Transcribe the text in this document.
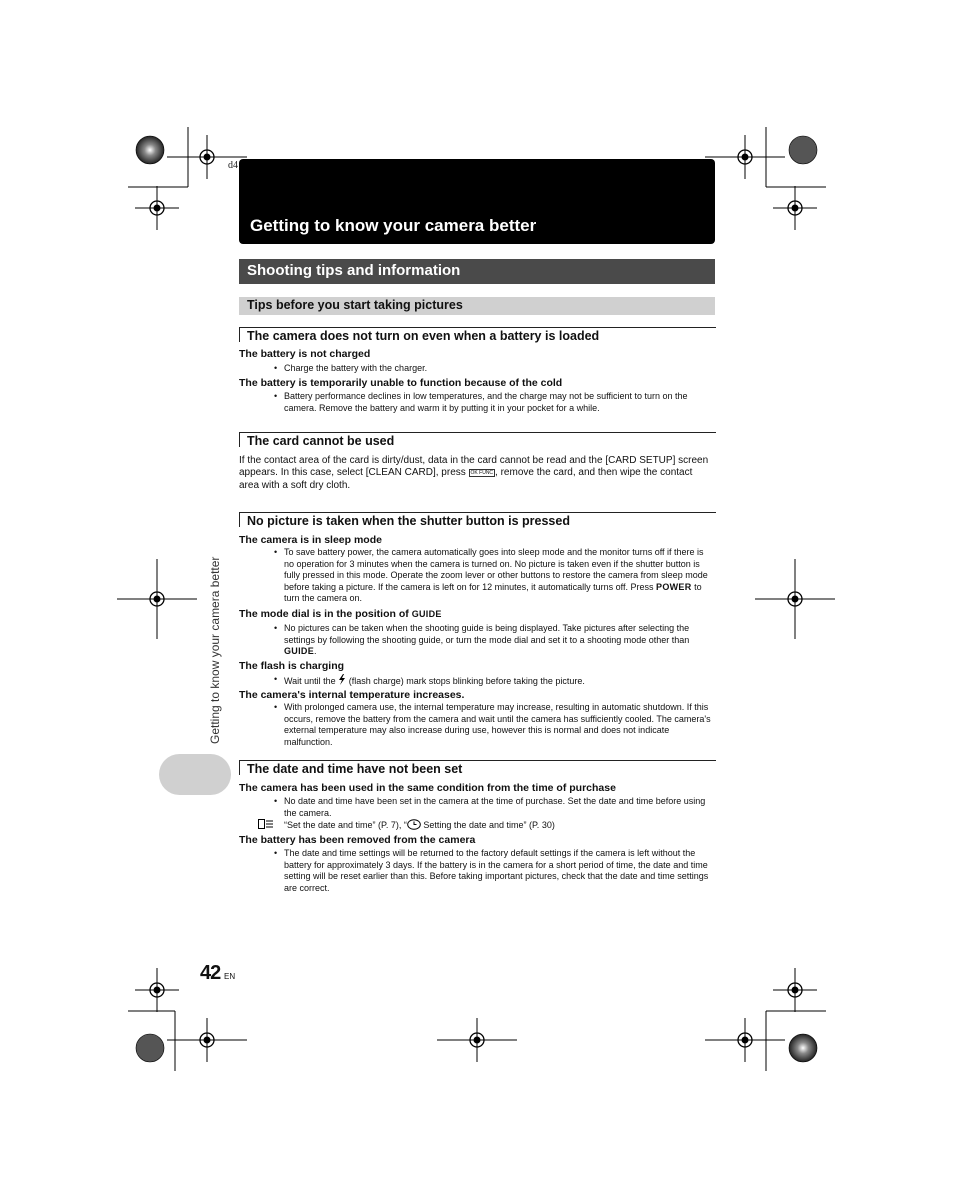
d4
Getting to know your camera better
Shooting tips and information
Tips before you start taking pictures
The camera does not turn on even when a battery is loaded
The battery is not charged
• Charge the battery with the charger.
The battery is temporarily unable to function because of the cold
• Battery performance declines in low temperatures, and the charge may not be sufficient to turn on the camera. Remove the battery and warm it by putting it in your pocket for a while.
The card cannot be used
If the contact area of the card is dirty/dust, data in the card cannot be read and the [CARD SETUP] screen appears. In this case, select [CLEAN CARD], press OK FUNC , remove the card, and then wipe the contact area with a soft dry cloth.
No picture is taken when the shutter button is pressed
The camera is in sleep mode
• To save battery power, the camera automatically goes into sleep mode and the monitor turns off if there is no operation for 3 minutes when the camera is turned on. No picture is taken even if the shutter button is fully pressed in this mode. Operate the zoom lever or other buttons to restore the camera from sleep mode before taking a picture. If the camera is left on for 12 minutes, it automatically turns off. Press POWER to turn the camera on.
The mode dial is in the position of GUIDE
• No pictures can be taken when the shooting guide is being displayed. Take pictures after selecting the settings by following the shooting guide, or turn the mode dial and set it to a shooting mode other than GUIDE.
The flash is charging
• Wait until the (flash charge) mark stops blinking before taking the picture.
The camera's internal temperature increases.
• With prolonged camera use, the internal temperature may increase, resulting in automatic shutdown. If this occurs, remove the battery from the camera and wait until the camera has sufficiently cooled. The camera's external temperature may also increase during use, however this is normal and does not indicate malfunction.
The date and time have not been set
The camera has been used in the same condition from the time of purchase
• No date and time have been set in the camera at the time of purchase. Set the date and time before using the camera.
“Set the date and time” (P. 7), “ Setting the date and time” (P. 30)
The battery has been removed from the camera
• The date and time settings will be returned to the factory default settings if the camera is left without the battery for approximately 3 days. If the battery is in the camera for a short period of time, the date and time setting will be reset earlier than this. Before taking important pictures, check that the date and time settings are correct.
Getting to know your camera better
42 EN
